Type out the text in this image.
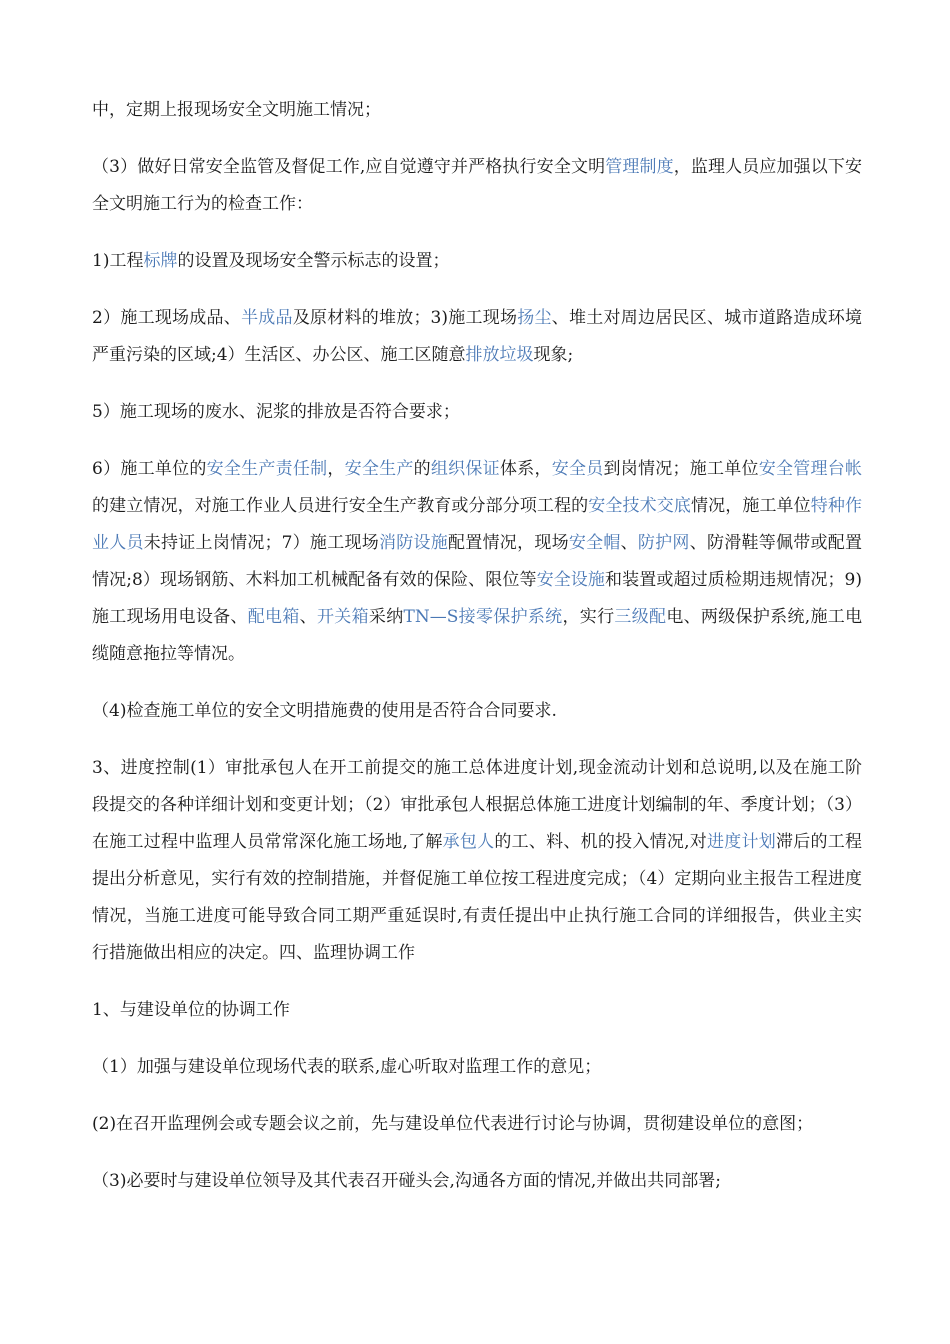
中，定期上报现场安全文明施工情况；

（3）做好日常安全监管及督促工作,应自觉遵守并严格执行安全文明管理制度，监理人员应加强以下安全文明施工行为的检查工作：

1)工程标牌的设置及现场安全警示标志的设置；

2）施工现场成品、半成品及原材料的堆放；3)施工现场扬尘、堆土对周边居民区、城市道路造成环境严重污染的区域;4）生活区、办公区、施工区随意排放垃圾现象;

5）施工现场的废水、泥浆的排放是否符合要求；

6）施工单位的安全生产责任制，安全生产的组织保证体系，安全员到岗情况；施工单位安全管理台帐的建立情况，对施工作业人员进行安全生产教育或分部分项工程的安全技术交底情况，施工单位特种作业人员未持证上岗情况；7）施工现场消防设施配置情况，现场安全帽、防护网、防滑鞋等佩带或配置情况;8）现场钢筋、木料加工机械配备有效的保险、限位等安全设施和装置或超过质检期违规情况；9)施工现场用电设备、配电箱、开关箱采纳TN—S接零保护系统，实行三级配电、两级保护系统,施工电缆随意拖拉等情况。

（4)检查施工单位的安全文明措施费的使用是否符合合同要求.

3、进度控制(1）审批承包人在开工前提交的施工总体进度计划,现金流动计划和总说明,以及在施工阶段提交的各种详细计划和变更计划；（2）审批承包人根据总体施工进度计划编制的年、季度计划；（3）在施工过程中监理人员常常深化施工场地,了解承包人的工、料、机的投入情况,对进度计划滞后的工程提出分析意见，实行有效的控制措施，并督促施工单位按工程进度完成；（4）定期向业主报告工程进度情况，当施工进度可能导致合同工期严重延误时,有责任提出中止执行施工合同的详细报告，供业主实行措施做出相应的决定。四、监理协调工作

1、与建设单位的协调工作

（1）加强与建设单位现场代表的联系,虚心听取对监理工作的意见；

(2)在召开监理例会或专题会议之前，先与建设单位代表进行讨论与协调，贯彻建设单位的意图；

（3)必要时与建设单位领导及其代表召开碰头会,沟通各方面的情况,并做出共同部署;
